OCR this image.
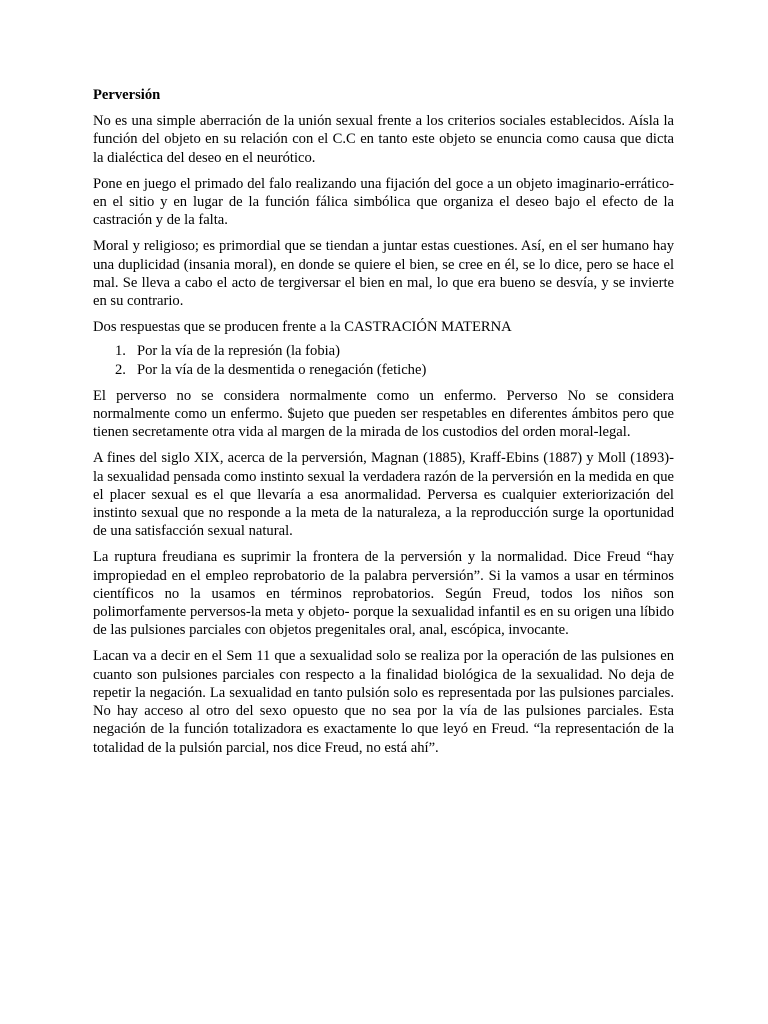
Perversión

No es una simple aberración de la unión sexual frente a los criterios sociales establecidos. Aísla la función del objeto en su relación con el C.C en tanto este objeto se enuncia como causa que dicta la dialéctica del deseo en el neurótico.

Pone en juego el primado del falo realizando una fijación del goce a un objeto imaginario-errático- en el sitio y en lugar de la función fálica simbólica que organiza el deseo bajo el efecto de la castración y de la falta.

Moral y religioso; es primordial que se tiendan a juntar estas cuestiones. Así, en el ser humano hay una duplicidad (insania moral), en donde se quiere el bien, se cree en él, se lo dice, pero se hace el mal. Se lleva a cabo el acto de tergiversar el bien en mal, lo que era bueno se desvía, y se invierte en su contrario.

Dos respuestas que se producen frente a la CASTRACIÓN MATERNA

1. Por la vía de la represión (la fobia)
2. Por la vía de la desmentida o renegación (fetiche)

El perverso no se considera normalmente como un enfermo. Perverso No se considera normalmente como un enfermo. $ujeto que pueden ser respetables en diferentes ámbitos pero que tienen secretamente otra vida al margen de la mirada de los custodios del orden moral-legal.

A fines del siglo XIX, acerca de la perversión, Magnan (1885), Kraff-Ebins (1887) y Moll (1893)- la sexualidad pensada como instinto sexual la verdadera razón de la perversión en la medida en que el placer sexual es el que llevaría a esa anormalidad. Perversa es cualquier exteriorización del instinto sexual que no responde a la meta de la naturaleza, a la reproducción surge la oportunidad de una satisfacción sexual natural.

La ruptura freudiana es suprimir la frontera de la perversión y la normalidad. Dice Freud “hay impropiedad en el empleo reprobatorio de la palabra perversión”. Si la vamos a usar en términos científicos no la usamos en términos reprobatorios. Según Freud, todos los niños son polimorfamente perversos-la meta y objeto- porque la sexualidad infantil es en su origen una líbido de las pulsiones parciales con objetos pregenitales oral, anal, escópica, invocante.

Lacan va a decir en el Sem 11 que a sexualidad solo se realiza por la operación de las pulsiones en cuanto son pulsiones parciales con respecto a la finalidad biológica de la sexualidad. No deja de repetir la negación. La sexualidad en tanto pulsión solo es representada por las pulsiones parciales. No hay acceso al otro del sexo opuesto que no sea por la vía de las pulsiones parciales. Esta negación de la función totalizadora es exactamente lo que leyó en Freud. “la representación de la totalidad de la pulsión parcial, nos dice Freud, no está ahí”.
